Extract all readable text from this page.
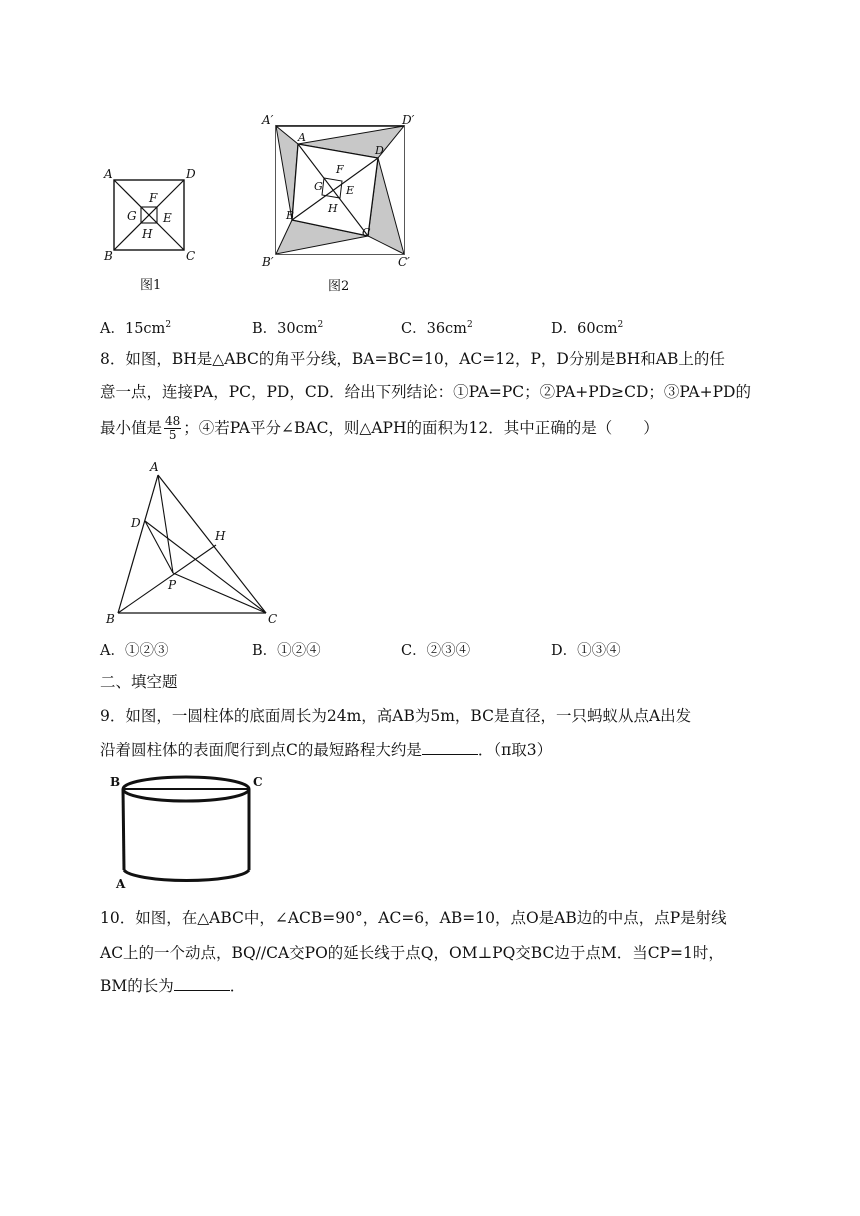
A	D
B	C
F
G E
H
图1
A′	D′
B′	C′
A
D
B
C
F
G E
H
图2
A．$15cm^2$	B．$30cm^2$	C．$36cm^2$	D．$60cm^2$
8．如图，BH是△ABC的角平分线，BA=BC=10，AC=12，P，D分别是BH和AB上的任
意一点，连接PA，PC，PD，CD．给出下列结论：①PA=PC；②PA+PD≥CD；③PA+PD的
最小值是 $\frac{48}{5}$ ；④若PA平分∠BAC，则△APH的面积为12．其中正确的是（　　）
A
D
H
P
B	C
A．①②③	B．①②④	C．②③④	D．①③④
二、填空题
9．如图，一圆柱体的底面周长为24m，高AB为5m，BC是直径，一只蚂蚁从点A出发
沿着圆柱体的表面爬行到点C的最短路程大约是	．（π取3）
B	C
A
10．如图，在△ABC中，∠ACB=90°，AC=6，AB=10，点O是AB边的中点，点P是射线
AC上的一个动点，BQ//CA交PO的延长线于点Q，OM⊥PQ交BC边于点M．当CP=1时，
BM的长为	．
